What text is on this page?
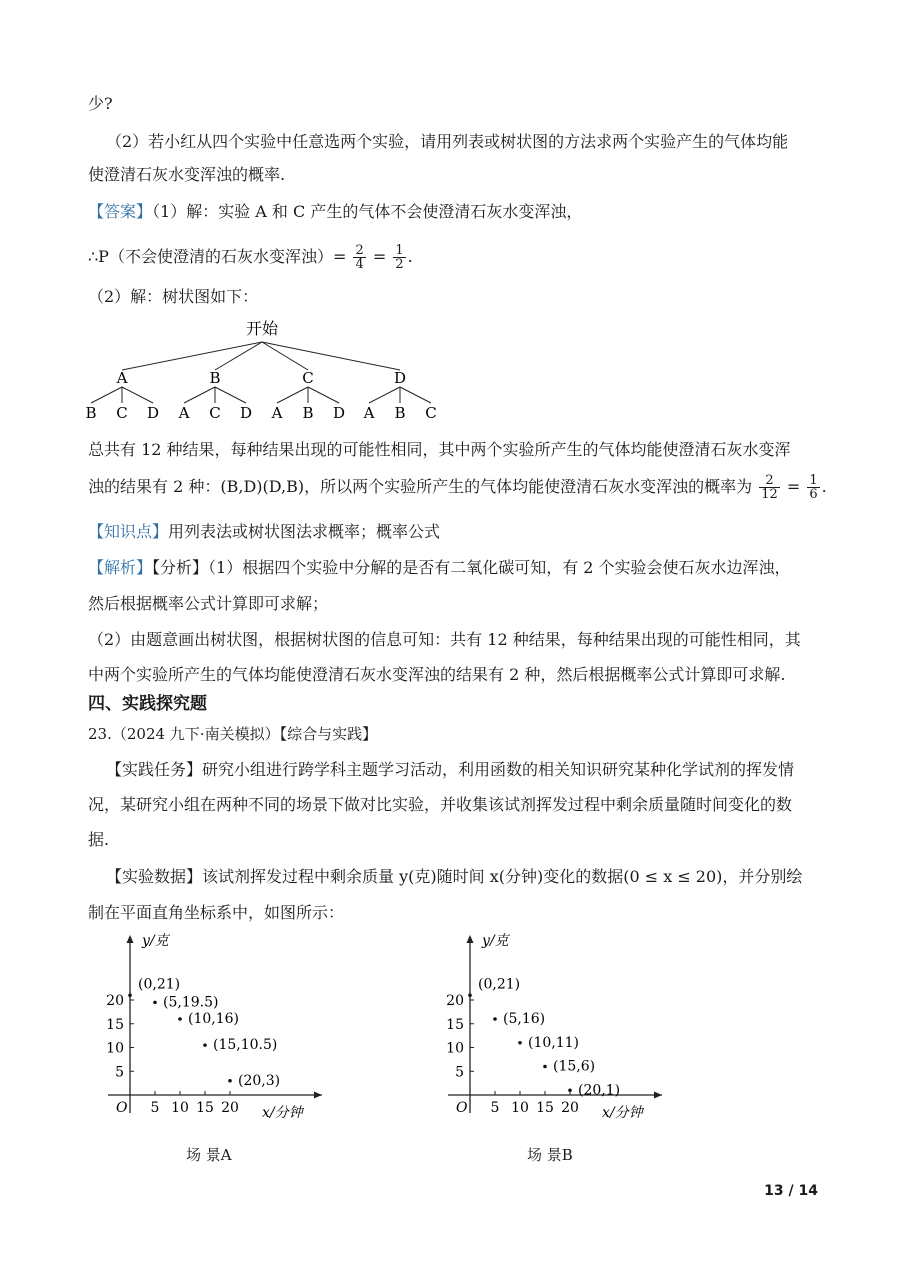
少?
（2）若小红从四个实验中任意选两个实验，请用列表或树状图的方法求两个实验产生的气体均能
使澄清石灰水变浑浊的概率.
【答案】（1）解：实验 A 和 C 产生的气体不会使澄清石灰水变浑浊，
∴P（不会使澄清的石灰水变浑浊）= $\frac{2}{4} = \frac{1}{2}$ .
（2）解：树状图如下：
开始
A
B C D
B
A C D
C
A B D
D
A B C
总共有 12 种结果，每种结果出现的可能性相同，其中两个实验所产生的气体均能使澄清石灰水变浑
浊的结果有 2 种：(B,D)(D,B)，所以两个实验所产生的气体均能使澄清石灰水变浑浊的概率为 $\frac{2}{12} = \frac{1}{6}$ .
【知识点】用列表法或树状图法求概率；概率公式
【解析】【分析】（1）根据四个实验中分解的是否有二氧化碳可知，有 2 个实验会使石灰水边浑浊，
然后根据概率公式计算即可求解；
（2）由题意画出树状图，根据树状图的信息可知：共有 12 种结果，每种结果出现的可能性相同，其
中两个实验所产生的气体均能使澄清石灰水变浑浊的结果有 2 种，然后根据概率公式计算即可求解.
四、实践探究题
23.（2024 九下·南关模拟）【综合与实践】
【实践任务】研究小组进行跨学科主题学习活动，利用函数的相关知识研究某种化学试剂的挥发情
况，某研究小组在两种不同的场景下做对比实验，并收集该试剂挥发过程中剩余质量随时间变化的数
据.
【实验数据】该试剂挥发过程中剩余质量 y(克)随时间 x(分钟)变化的数据(0 ≤ x ≤ 20)，并分别绘
制在平面直角坐标系中，如图所示：
y/克
x/分钟
O 5 10 15 20
5
10
15
20
(0,21)
(5,19.5)
(10,16)
(15,10.5)
(20,3)
y/克
x/分钟
O 5 10 15 20
5
10
15
20
(0,21)
(5,16)
(10,11)
(15,6)
(20,1)
场 景A	场 景B
13 / 14
